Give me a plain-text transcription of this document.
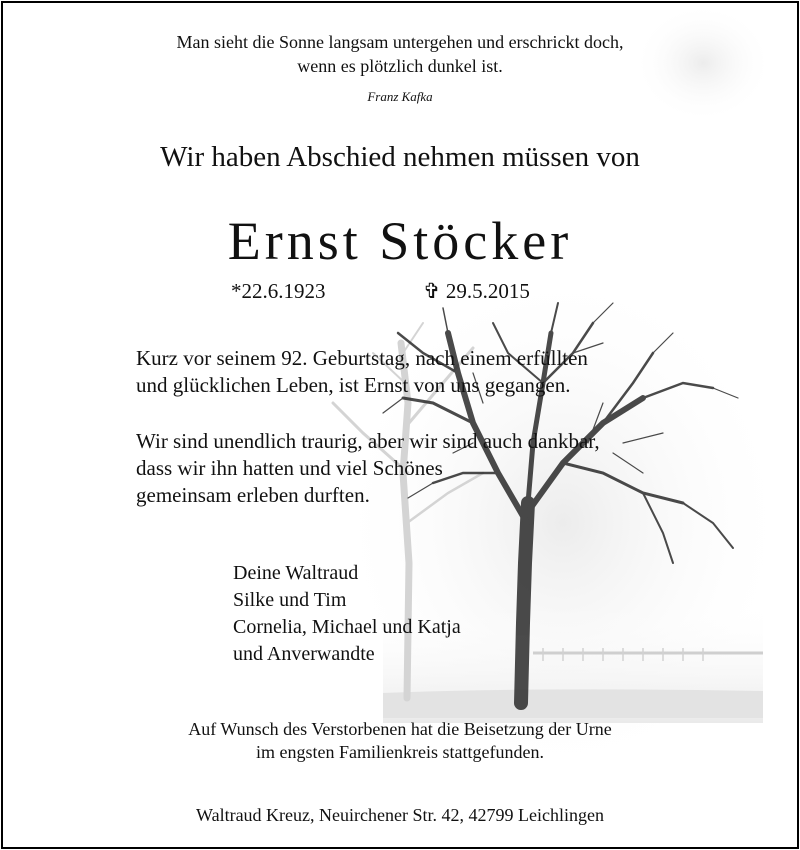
Man sieht die Sonne langsam untergehen und erschrickt doch,
wenn es plötzlich dunkel ist.
Franz Kafka
Wir haben Abschied nehmen müssen von
Ernst Stöcker
*22.6.1923	✞ 29.5.2015
Kurz vor seinem 92. Geburtstag, nach einem erfüllten
und glücklichen Leben, ist Ernst von uns gegangen.
Wir sind unendlich traurig, aber wir sind auch dankbar,
dass wir ihn hatten und viel Schönes
gemeinsam erleben durften.
Deine Waltraud
Silke und Tim
Cornelia, Michael und Katja
und Anverwandte
Auf Wunsch des Verstorbenen hat die Beisetzung der Urne
im engsten Familienkreis stattgefunden.
Waltraud Kreuz, Neuirchener Str. 42, 42799 Leichlingen
